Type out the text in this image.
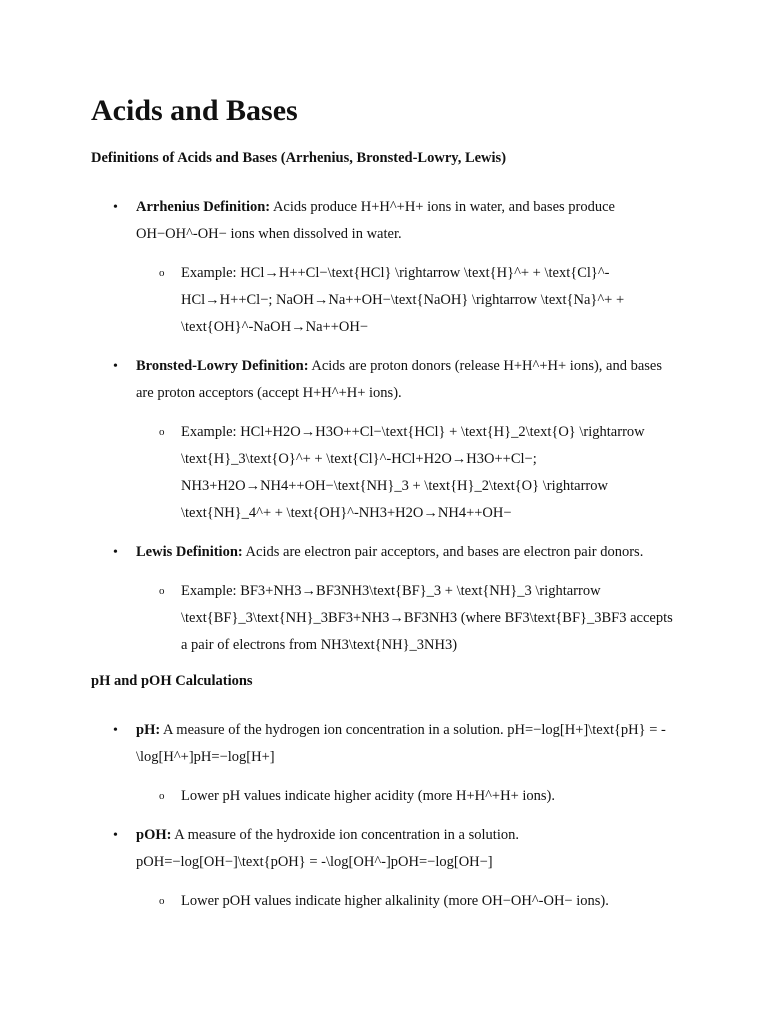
Acids and Bases
Definitions of Acids and Bases (Arrhenius, Bronsted-Lowry, Lewis)
• Arrhenius Definition: Acids produce H+H^+H+ ions in water, and bases produce OH−OH^-OH− ions when dissolved in water.
o Example: HCl→H++Cl−\text{HCl} \rightarrow \text{H}^+ + \text{Cl}^-HCl→H++Cl−; NaOH→Na++OH−\text{NaOH} \rightarrow \text{Na}^+ + \text{OH}^-NaOH→Na++OH−
• Bronsted-Lowry Definition: Acids are proton donors (release H+H^+H+ ions), and bases are proton acceptors (accept H+H^+H+ ions).
o Example: HCl+H2O→H3O++Cl−\text{HCl} + \text{H}_2\text{O} \rightarrow \text{H}_3\text{O}^+ + \text{Cl}^-HCl+H2O→H3O++Cl−; NH3+H2O→NH4++OH−\text{NH}_3 + \text{H}_2\text{O} \rightarrow \text{NH}_4^+ + \text{OH}^-NH3+H2O→NH4++OH−
• Lewis Definition: Acids are electron pair acceptors, and bases are electron pair donors.
o Example: BF3+NH3→BF3NH3\text{BF}_3 + \text{NH}_3 \rightarrow \text{BF}_3\text{NH}_3BF3+NH3→BF3NH3 (where BF3\text{BF}_3BF3 accepts a pair of electrons from NH3\text{NH}_3NH3)
pH and pOH Calculations
• pH: A measure of the hydrogen ion concentration in a solution. pH=−log[H+]\text{pH} = -\log[H^+]pH=−log[H+]
o Lower pH values indicate higher acidity (more H+H^+H+ ions).
• pOH: A measure of the hydroxide ion concentration in a solution. pOH=−log[OH−]\text{pOH} = -\log[OH^-]pOH=−log[OH−]
o Lower pOH values indicate higher alkalinity (more OH−OH^-OH− ions).
